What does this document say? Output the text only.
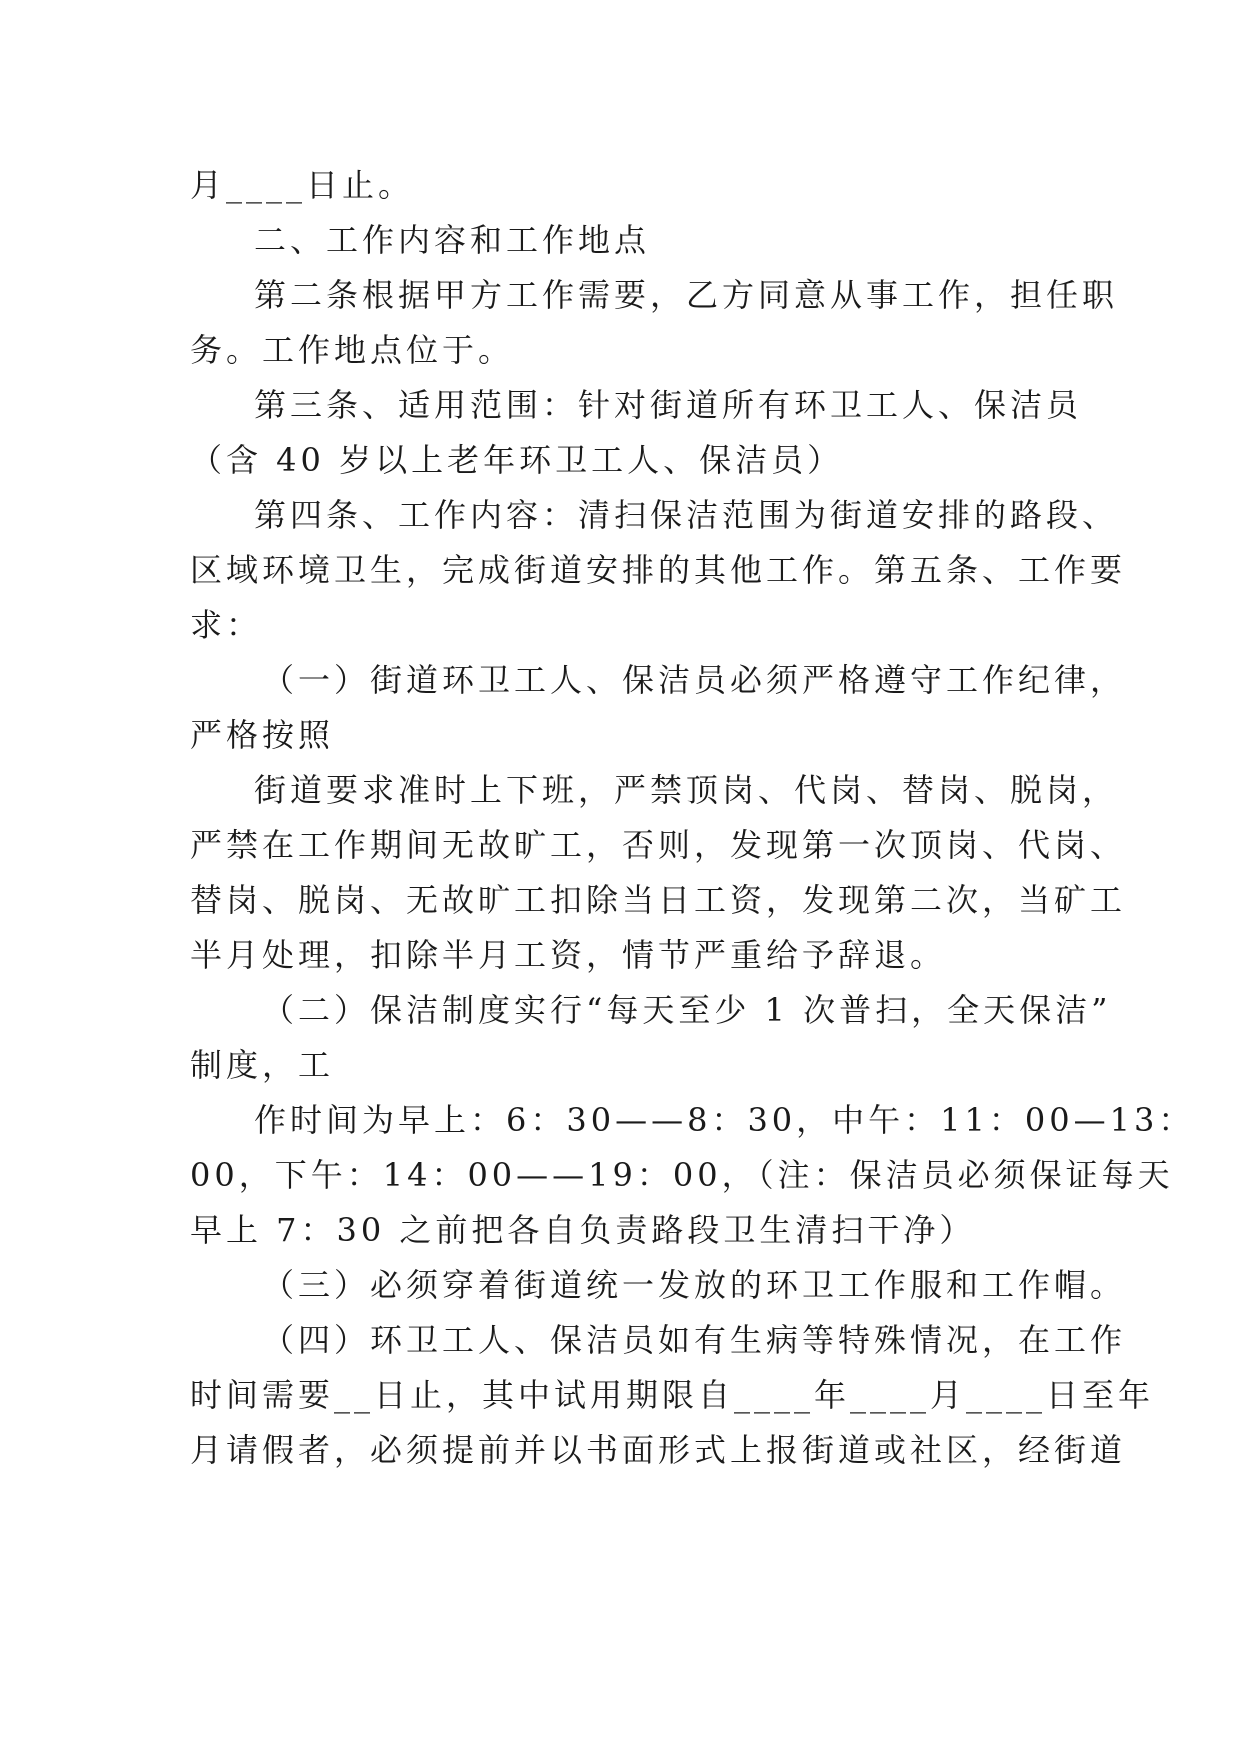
月____日止。
二、工作内容和工作地点
第二条根据甲方工作需要，乙方同意从事工作，担任职
务。工作地点位于。
第三条、适用范围：针对街道所有环卫工人、保洁员
（含 40 岁以上老年环卫工人、保洁员）
第四条、工作内容：清扫保洁范围为街道安排的路段、
区域环境卫生，完成街道安排的其他工作。第五条、工作要
求：
（一）街道环卫工人、保洁员必须严格遵守工作纪律，
严格按照
街道要求准时上下班，严禁顶岗、代岗、替岗、脱岗，
严禁在工作期间无故旷工，否则，发现第一次顶岗、代岗、
替岗、脱岗、无故旷工扣除当日工资，发现第二次，当矿工
半月处理，扣除半月工资，情节严重给予辞退。
（二）保洁制度实行“每天至少 1 次普扫，全天保洁”
制度，工
作时间为早上：6：30——8：30，中午：11：00—13：
00，下午：14：00——19：00，（注：保洁员必须保证每天
早上 7：30 之前把各自负责路段卫生清扫干净）
（三）必须穿着街道统一发放的环卫工作服和工作帽。
（四）环卫工人、保洁员如有生病等特殊情况，在工作
时间需要__日止，其中试用期限自____年____月____日至年
月请假者，必须提前并以书面形式上报街道或社区，经街道
